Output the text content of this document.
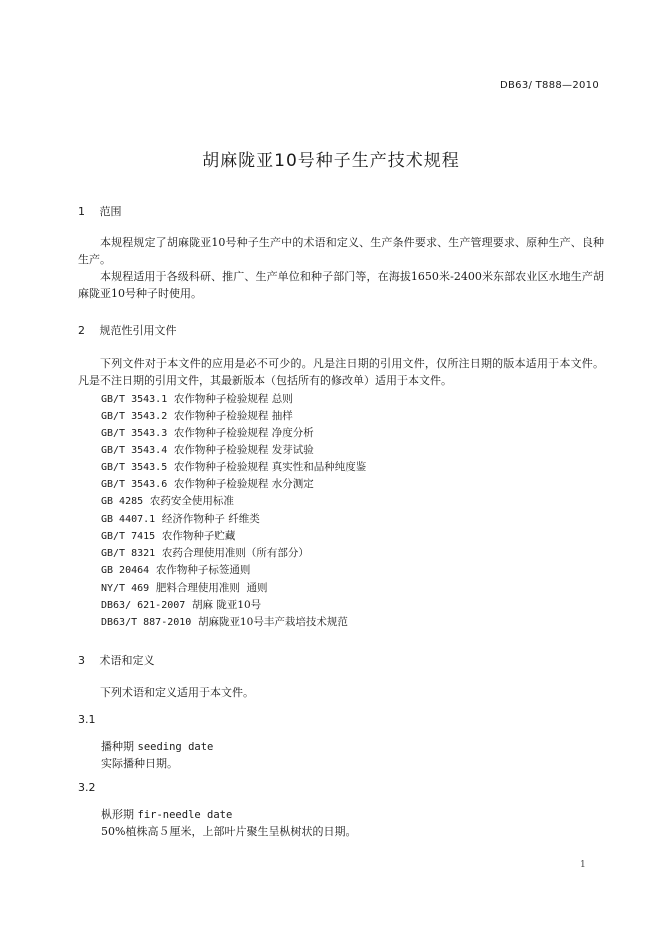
DB63/ T888—2010
胡麻陇亚10号种子生产技术规程
1 范围
本规程规定了胡麻陇亚10号种子生产中的术语和定义、生产条件要求、生产管理要求、原种生产、良种生产。
本规程适用于各级科研、推广、生产单位和种子部门等，在海拔1650米-2400米东部农业区水地生产胡麻陇亚10号种子时使用。
2 规范性引用文件
下列文件对于本文件的应用是必不可少的。凡是注日期的引用文件，仅所注日期的版本适用于本文件。凡是不注日期的引用文件，其最新版本（包括所有的修改单）适用于本文件。
GB/T 3543.1 农作物种子检验规程 总则
GB/T 3543.2 农作物种子检验规程 抽样
GB/T 3543.3 农作物种子检验规程 净度分析
GB/T 3543.4 农作物种子检验规程 发芽试验
GB/T 3543.5 农作物种子检验规程 真实性和品种纯度鉴
GB/T 3543.6 农作物种子检验规程 水分测定
GB 4285 农药安全使用标准
GB 4407.1 经济作物种子 纤维类
GB/T 7415 农作物种子贮藏
GB/T 8321 农药合理使用准则（所有部分）
GB 20464 农作物种子标签通则
NY/T 469 肥料合理使用准则  通则
DB63/ 621-2007 胡麻 陇亚10号
DB63/T 887-2010 胡麻陇亚10号丰产栽培技术规范
3 术语和定义
下列术语和定义适用于本文件。
3.1
播种期 seeding date
实际播种日期。
3.2
枞形期 fir-needle date
50%植株高５厘米，上部叶片聚生呈枞树状的日期。
1
